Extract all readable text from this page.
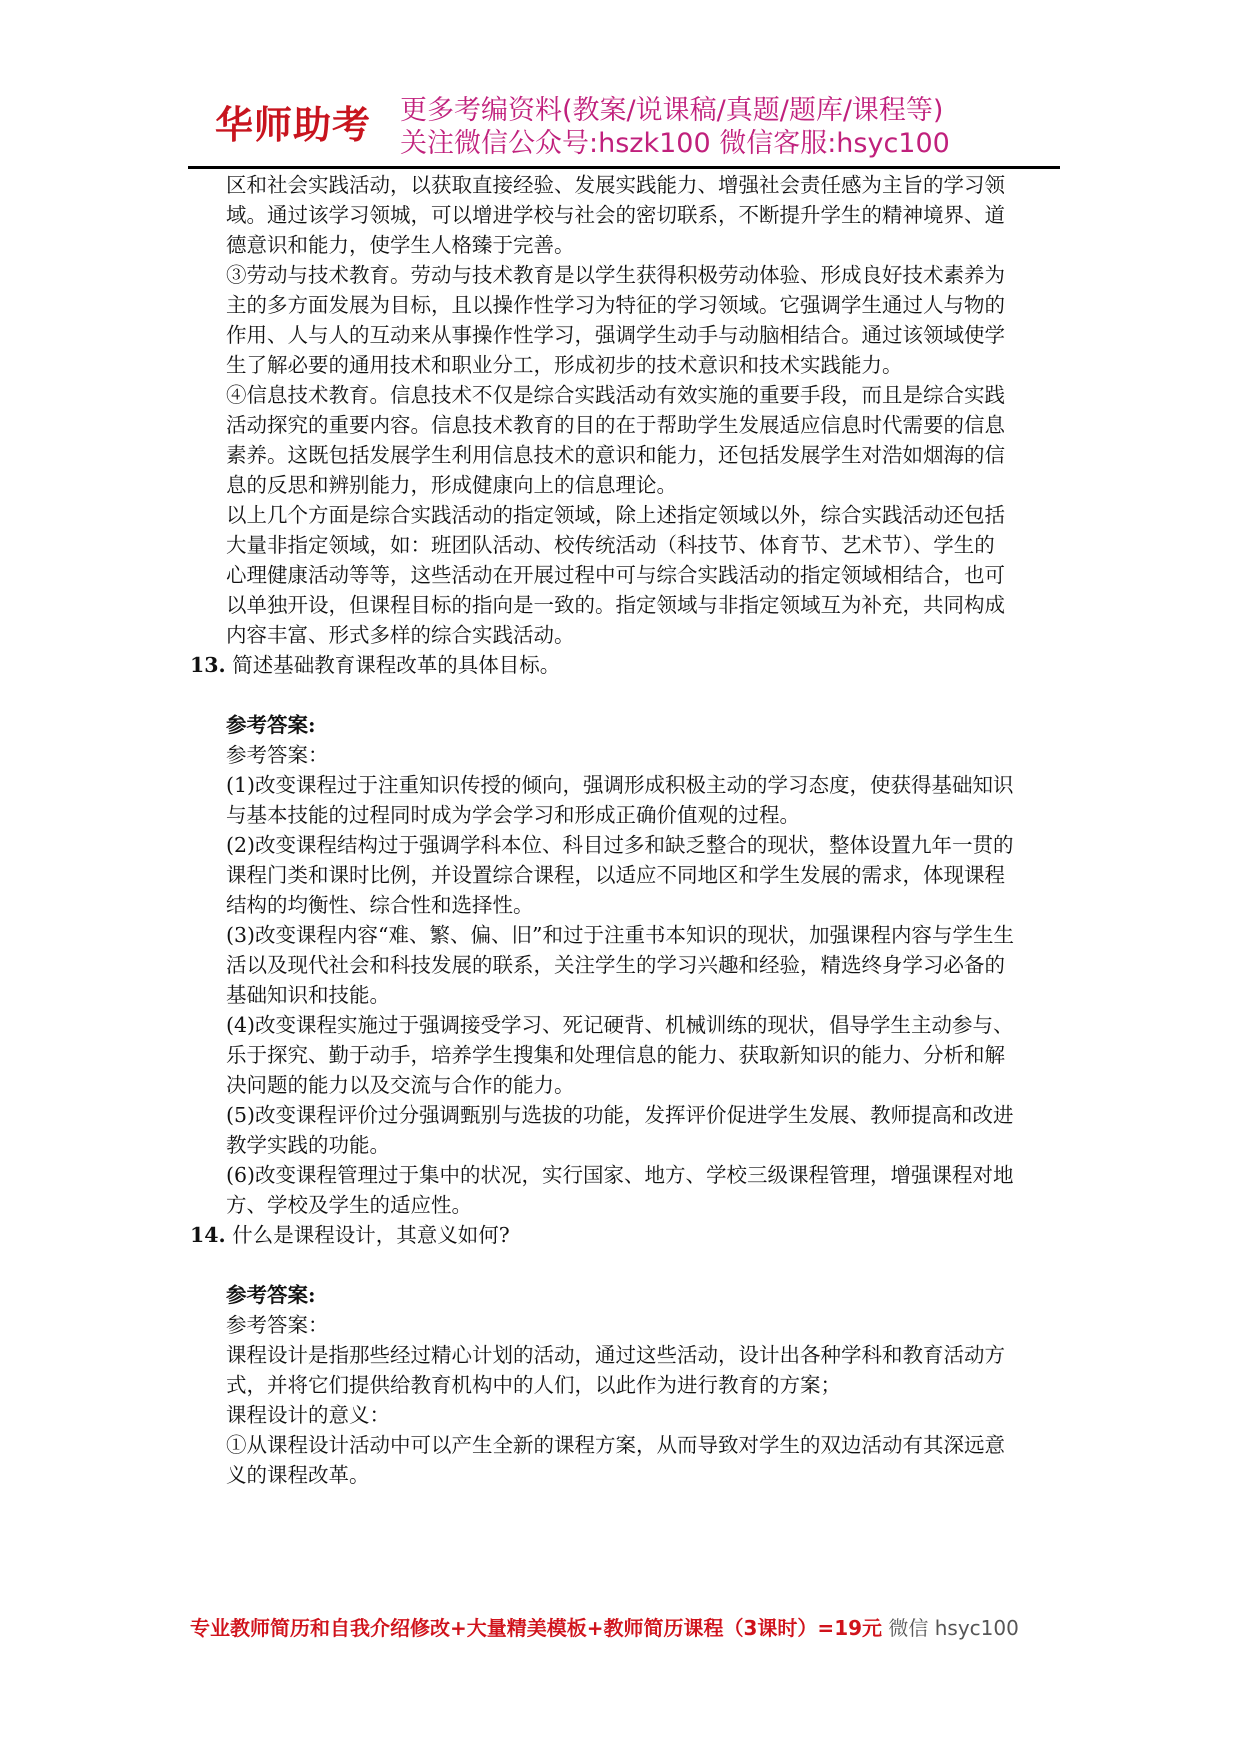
华师助考 更多考编资料(教案/说课稿/真题/题库/课程等)
关注微信公众号:hszk100 微信客服:hsyc100
区和社会实践活动，以获取直接经验、发展实践能力、增强社会责任感为主旨的学习领
域。通过该学习领城，可以增进学校与社会的密切联系，不断提升学生的精神境界、道
德意识和能力，使学生人格臻于完善。
③劳动与技术教育。劳动与技术教育是以学生获得积极劳动体验、形成良好技术素养为
主的多方面发展为目标，且以操作性学习为特征的学习领域。它强调学生通过人与物的
作用、人与人的互动来从事操作性学习，强调学生动手与动脑相结合。通过该领域使学
生了解必要的通用技术和职业分工，形成初步的技术意识和技术实践能力。
④信息技术教育。信息技术不仅是综合实践活动有效实施的重要手段，而且是综合实践
活动探究的重要内容。信息技术教育的目的在于帮助学生发展适应信息时代需要的信息
素养。这既包括发展学生利用信息技术的意识和能力，还包括发展学生对浩如烟海的信
息的反思和辨别能力，形成健康向上的信息理论。
以上几个方面是综合实践活动的指定领域，除上述指定领域以外，综合实践活动还包括
大量非指定领域，如：班团队活动、校传统活动（科技节、体育节、艺术节）、学生的
心理健康活动等等，这些活动在开展过程中可与综合实践活动的指定领域相结合，也可
以单独开设，但课程目标的指向是一致的。指定领域与非指定领域互为补充，共同构成
内容丰富、形式多样的综合实践活动。
13. 简述基础教育课程改革的具体目标。
参考答案:
参考答案：
(1)改变课程过于注重知识传授的倾向，强调形成积极主动的学习态度，使获得基础知识
与基本技能的过程同时成为学会学习和形成正确价值观的过程。
(2)改变课程结构过于强调学科本位、科目过多和缺乏整合的现状，整体设置九年一贯的
课程门类和课时比例，并设置综合课程，以适应不同地区和学生发展的需求，体现课程
结构的均衡性、综合性和选择性。
(3)改变课程内容“难、繁、偏、旧”和过于注重书本知识的现状，加强课程内容与学生生
活以及现代社会和科技发展的联系，关注学生的学习兴趣和经验，精选终身学习必备的
基础知识和技能。
(4)改变课程实施过于强调接受学习、死记硬背、机械训练的现状，倡导学生主动参与、
乐于探究、勤于动手，培养学生搜集和处理信息的能力、获取新知识的能力、分析和解
决问题的能力以及交流与合作的能力。
(5)改变课程评价过分强调甄别与选拔的功能，发挥评价促进学生发展、教师提高和改进
教学实践的功能。
(6)改变课程管理过于集中的状况，实行国家、地方、学校三级课程管理，增强课程对地
方、学校及学生的适应性。
14. 什么是课程设计，其意义如何?
参考答案:
参考答案：
课程设计是指那些经过精心计划的活动，通过这些活动，设计出各种学科和教育活动方
式，并将它们提供给教育机构中的人们，以此作为进行教育的方案；
课程设计的意义：
①从课程设计活动中可以产生全新的课程方案，从而导致对学生的双边活动有其深远意
义的课程改革。
专业教师简历和自我介绍修改+大量精美模板+教师简历课程（3课时）=19元 微信 hsyc100
